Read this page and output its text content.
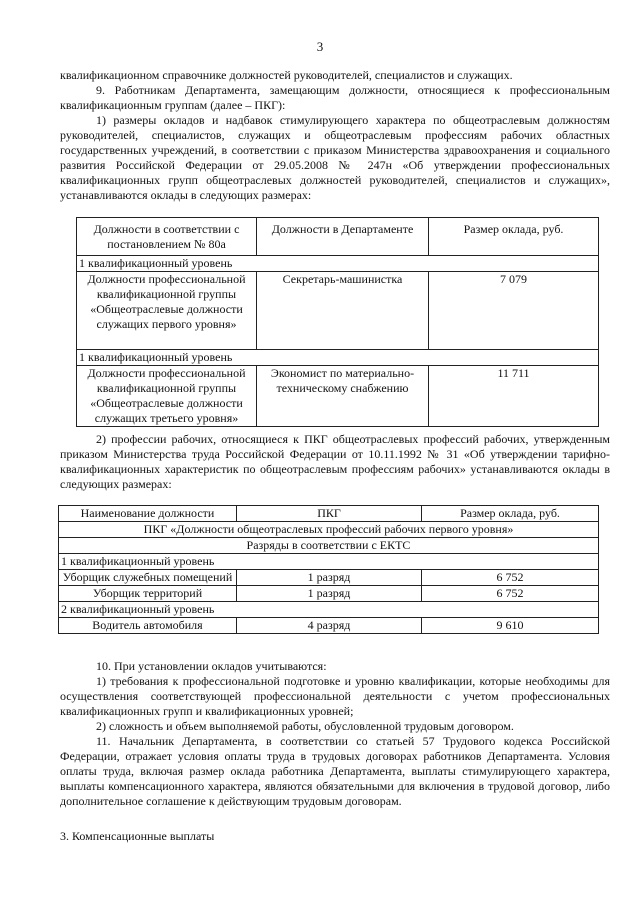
3

квалификационном справочнике должностей руководителей, специалистов и служащих.

9. Работникам Департамента, замещающим должности, относящиеся к профессиональным квалификационным группам (далее – ПКГ):

1) размеры окладов и надбавок стимулирующего характера по общеотраслевым должностям руководителей, специалистов, служащих и общеотраслевым профессиям рабочих областных государственных учреждений, в соответствии с приказом Министерства здравоохранения и социального развития Российской Федерации от 29.05.2008 № 247н «Об утверждении профессиональных квалификационных групп общеотраслевых должностей руководителей, специалистов и служащих», устанавливаются оклады в следующих размерах:

Должности в соответствии с постановлением № 80а	Должности в Департаменте	Размер оклада, руб.
1 квалификационный уровень		
Должности профессиональной квалификационной группы «Общеотраслевые должности служащих первого уровня»	Секретарь-машинистка	7 079
1 квалификационный уровень		
Должности профессиональной квалификационной группы «Общеотраслевые должности служащих третьего уровня»	Экономист по материально-техническому снабжению	11 711

2) профессии рабочих, относящиеся к ПКГ общеотраслевых профессий рабочих, утвержденным приказом Министерства труда Российской Федерации от 10.11.1992 № 31 «Об утверждении тарифно-квалификационных характеристик по общеотраслевым профессиям рабочих» устанавливаются оклады в следующих размерах:

Наименование должности	ПКГ	Размер оклада, руб.
ПКГ «Должности общеотраслевых профессий рабочих первого уровня»		
Разряды в соответствии с ЕКТС		
1 квалификационный уровень		
Уборщик служебных помещений	1 разряд	6 752
Уборщик территорий	1 разряд	6 752
2 квалификационный уровень		
Водитель автомобиля	4 разряд	9 610

10. При установлении окладов учитываются:

1) требования к профессиональной подготовке и уровню квалификации, которые необходимы для осуществления соответствующей профессиональной деятельности с учетом профессиональных квалификационных групп и квалификационных уровней;

2) сложность и объем выполняемой работы, обусловленной трудовым договором.

11. Начальник Департамента, в соответствии со статьей 57 Трудового кодекса Российской Федерации, отражает условия оплаты труда в трудовых договорах работников Департамента. Условия оплаты труда, включая размер оклада работника Департамента, выплаты стимулирующего характера, выплаты компенсационного характера, являются обязательными для включения в трудовой договор, либо дополнительное соглашение к действующим трудовым договорам.

3. Компенсационные выплаты
